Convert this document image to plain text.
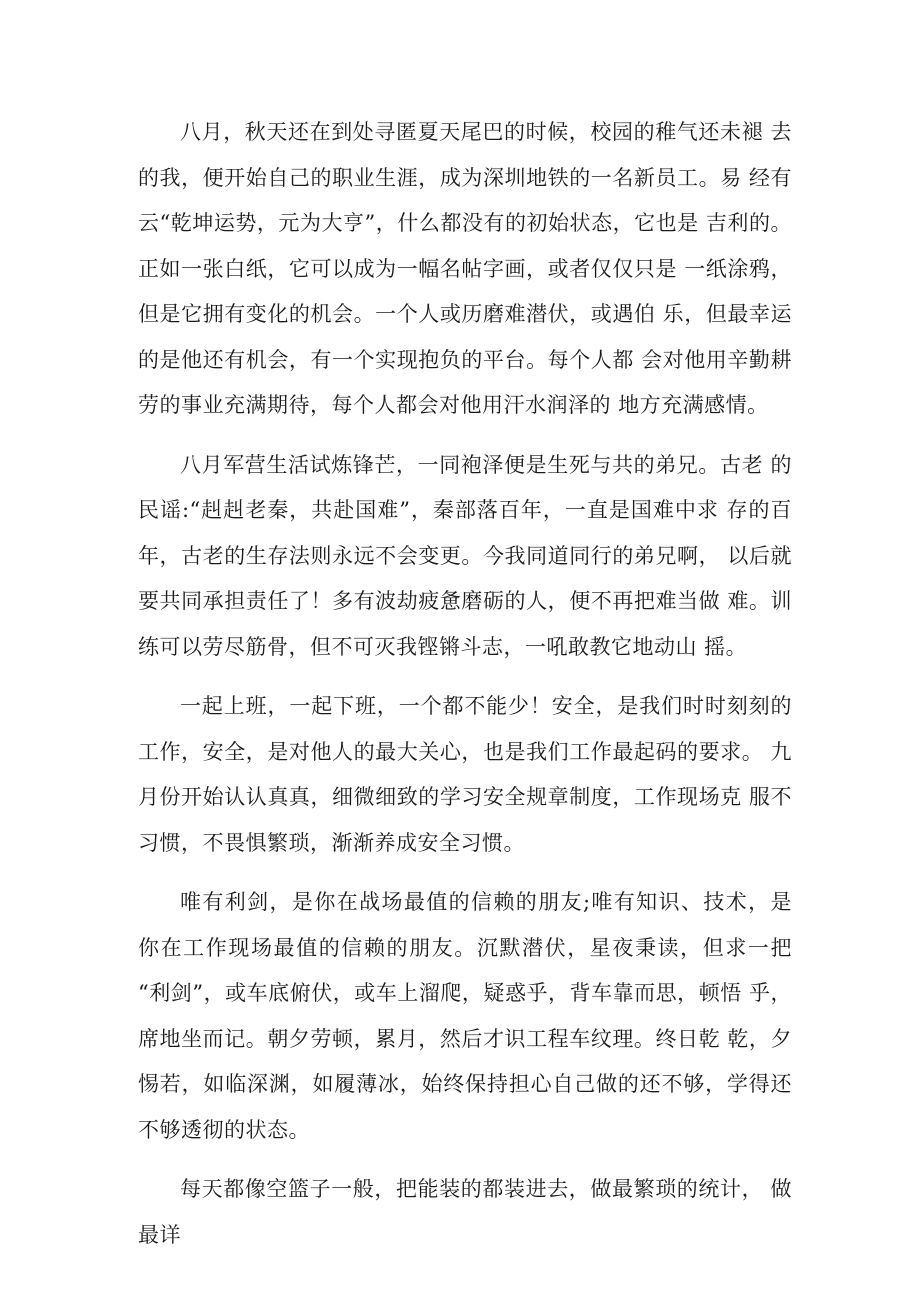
八月，秋天还在到处寻匿夏天尾巴的时候，校园的稚气还未褪 去的我，便开始自己的职业生涯，成为深圳地铁的一名新员工。易 经有云“乾坤运势，元为大亨”，什么都没有的初始状态，它也是 吉利的。正如一张白纸，它可以成为一幅名帖字画，或者仅仅只是 一纸涂鸦，但是它拥有变化的机会。一个人或历磨难潜伏，或遇伯 乐，但最幸运的是他还有机会，有一个实现抱负的平台。每个人都 会对他用辛勤耕劳的事业充满期待，每个人都会对他用汗水润泽的 地方充满感情。

八月军营生活试炼锋芒，一同袍泽便是生死与共的弟兄。古老 的民谣:“赳赳老秦，共赴国难”，秦部落百年，一直是国难中求 存的百年，古老的生存法则永远不会变更。今我同道同行的弟兄啊， 以后就要共同承担责任了！多有波劫疲惫磨砺的人，便不再把难当做 难。训练可以劳尽筋骨，但不可灭我铿锵斗志，一吼敢教它地动山 摇。

一起上班，一起下班，一个都不能少！安全，是我们时时刻刻的 工作，安全，是对他人的最大关心，也是我们工作最起码的要求。 九月份开始认认真真，细微细致的学习安全规章制度，工作现场克 服不习惯，不畏惧繁琐，渐渐养成安全习惯。

唯有利剑，是你在战场最值的信赖的朋友;唯有知识、技术，是 你在工作现场最值的信赖的朋友。沉默潜伏，星夜秉读，但求一把 “利剑”，或车底俯伏，或车上溜爬，疑惑乎，背车靠而思，顿悟 乎，席地坐而记。朝夕劳顿，累月，然后才识工程车纹理。终日乾 乾，夕惕若，如临深渊，如履薄冰，始终保持担心自己做的还不够，学得还不够透彻的状态。

每天都像空篮子一般，把能装的都装进去，做最繁琐的统计， 做最详
